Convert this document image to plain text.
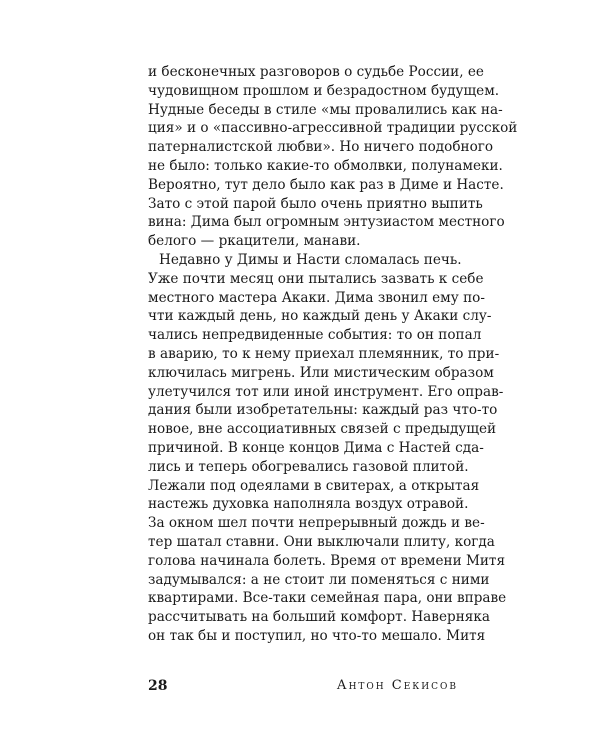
и бесконечных разговоров о судьбе России, ее
чудовищном прошлом и безрадостном будущем.
Нудные беседы в стиле «мы провалились как на-
ция» и о «пассивно-агрессивной традиции русской
патерналистской любви». Но ничего подобного
не было: только какие-то обмолвки, полунамеки.
Вероятно, тут дело было как раз в Диме и Насте.
Зато с этой парой было очень приятно выпить
вина: Дима был огромным энтузиастом местного
белого — ркацители, манави.
Недавно у Димы и Насти сломалась печь.
Уже почти месяц они пытались зазвать к себе
местного мастера Акаки. Дима звонил ему по-
чти каждый день, но каждый день у Акаки слу-
чались непредвиденные события: то он попал
в аварию, то к нему приехал племянник, то при-
ключилась мигрень. Или мистическим образом
улетучился тот или иной инструмент. Его оправ-
дания были изобретательны: каждый раз что-то
новое, вне ассоциативных связей с предыдущей
причиной. В конце концов Дима с Настей сда-
лись и теперь обогревались газовой плитой.
Лежали под одеялами в свитерах, а открытая
настежь духовка наполняла воздух отравой.
За окном шел почти непрерывный дождь и ве-
тер шатал ставни. Они выключали плиту, когда
голова начинала болеть. Время от времени Митя
задумывался: а не стоит ли поменяться с ними
квартирами. Все-таки семейная пара, они вправе
рассчитывать на больший комфорт. Наверняка
он так бы и поступил, но что-то мешало. Митя
28	Антон Секисов
